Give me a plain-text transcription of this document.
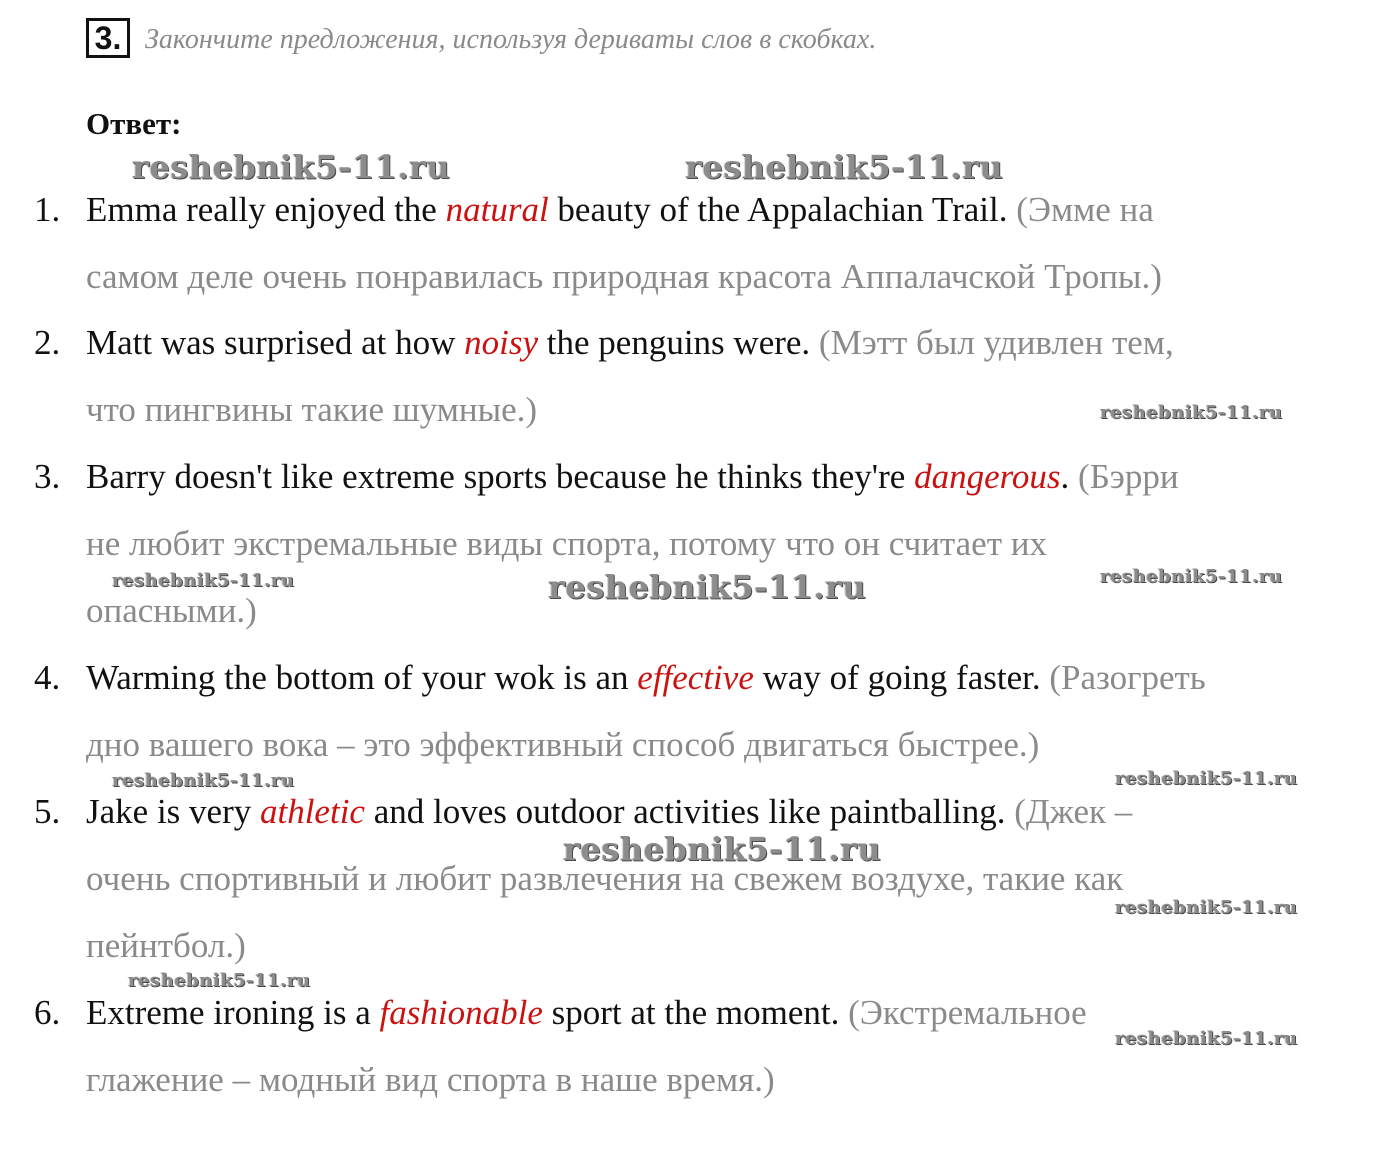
3. Закончите предложения, используя дериваты слов в скобках.
Ответ:
1. Emma really enjoyed the natural beauty of the Appalachian Trail. (Эмме на
самом деле очень понравилась природная красота Аппалачской Тропы.)
2. Matt was surprised at how noisy the penguins were. (Мэтт был удивлен тем,
что пингвины такие шумные.)
3. Barry doesn't like extreme sports because he thinks they're dangerous. (Бэрри
не любит экстремальные виды спорта, потому что он считает их
опасными.)
4. Warming the bottom of your wok is an effective way of going faster. (Разогреть
дно вашего вока – это эффективный способ двигаться быстрее.)
5. Jake is very athletic and loves outdoor activities like paintballing. (Джек –
очень спортивный и любит развлечения на свежем воздухе, такие как
пейнтбол.)
6. Extreme ironing is a fashionable sport at the moment. (Экстремальное
глажение – модный вид спорта в наше время.)
reshebnik5-11.ru	reshebnik5-11.ru
reshebnik5-11.ru
reshebnik5-11.ru	reshebnik5-11.ru	reshebnik5-11.ru
reshebnik5-11.ru	reshebnik5-11.ru
reshebnik5-11.ru
reshebnik5-11.ru
reshebnik5-11.ru
reshebnik5-11.ru
